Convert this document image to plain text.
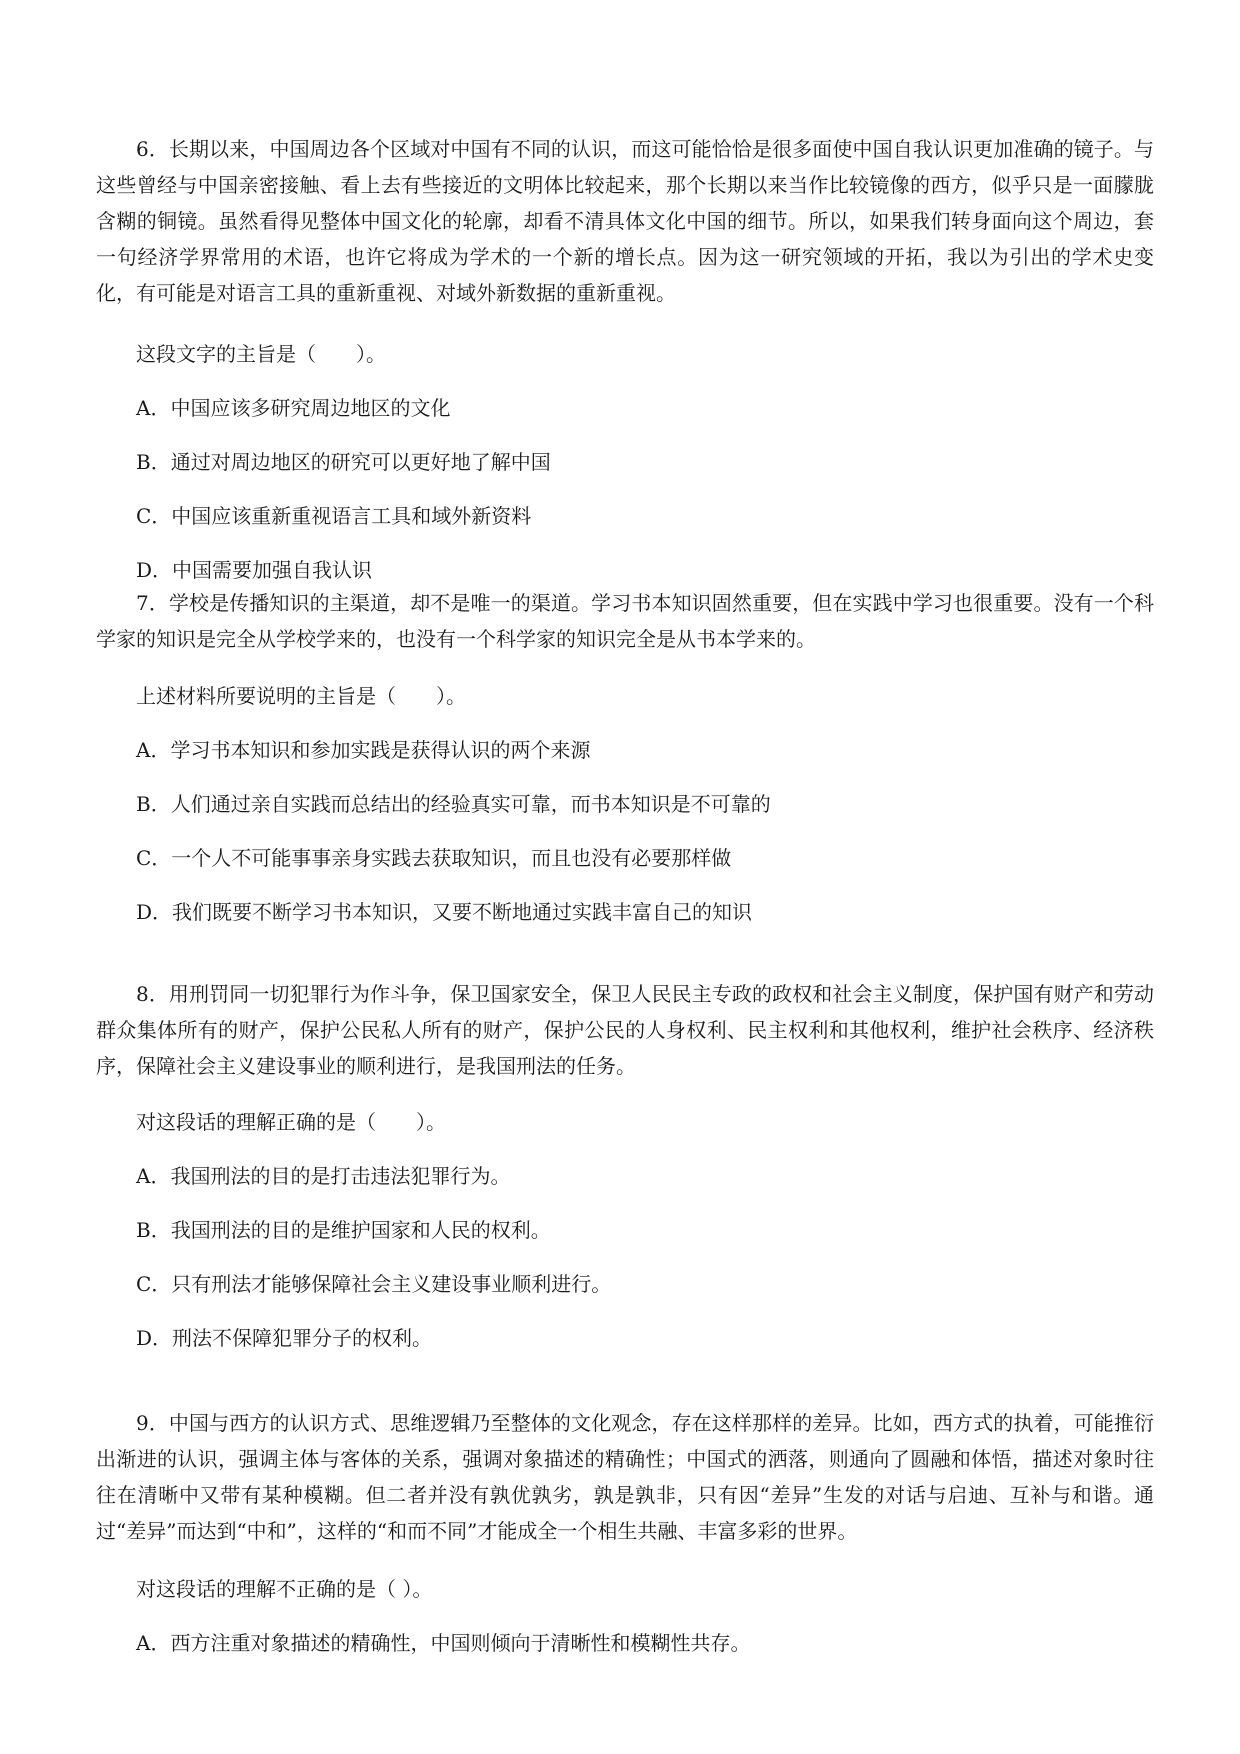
6．长期以来，中国周边各个区域对中国有不同的认识，而这可能恰恰是很多面使中国自我认识更加准确的镜子。与这些曾经与中国亲密接触、看上去有些接近的文明体比较起来，那个长期以来当作比较镜像的西方，似乎只是一面朦胧含糊的铜镜。虽然看得见整体中国文化的轮廓，却看不清具体文化中国的细节。所以，如果我们转身面向这个周边，套一句经济学界常用的术语，也许它将成为学术的一个新的增长点。因为这一研究领域的开拓，我以为引出的学术史变化，有可能是对语言工具的重新重视、对域外新数据的重新重视。

这段文字的主旨是（　　）。

A．中国应该多研究周边地区的文化
B．通过对周边地区的研究可以更好地了解中国
C．中国应该重新重视语言工具和域外新资料
D．中国需要加强自我认识

7．学校是传播知识的主渠道，却不是唯一的渠道。学习书本知识固然重要，但在实践中学习也很重要。没有一个科学家的知识是完全从学校学来的，也没有一个科学家的知识完全是从书本学来的。

上述材料所要说明的主旨是（　　）。

A．学习书本知识和参加实践是获得认识的两个来源
B．人们通过亲自实践而总结出的经验真实可靠，而书本知识是不可靠的
C．一个人不可能事事亲身实践去获取知识，而且也没有必要那样做
D．我们既要不断学习书本知识，又要不断地通过实践丰富自己的知识

8．用刑罚同一切犯罪行为作斗争，保卫国家安全，保卫人民民主专政的政权和社会主义制度，保护国有财产和劳动群众集体所有的财产，保护公民私人所有的财产，保护公民的人身权利、民主权利和其他权利，维护社会秩序、经济秩序，保障社会主义建设事业的顺利进行，是我国刑法的任务。

对这段话的理解正确的是（　　）。

A．我国刑法的目的是打击违法犯罪行为。
B．我国刑法的目的是维护国家和人民的权利。
C．只有刑法才能够保障社会主义建设事业顺利进行。
D．刑法不保障犯罪分子的权利。

9．中国与西方的认识方式、思维逻辑乃至整体的文化观念，存在这样那样的差异。比如，西方式的执着，可能推衍出渐进的认识，强调主体与客体的关系，强调对象描述的精确性；中国式的洒落，则通向了圆融和体悟，描述对象时往往在清晰中又带有某种模糊。但二者并没有孰优孰劣，孰是孰非，只有因“差异”生发的对话与启迪、互补与和谐。通过“差异”而达到“中和”，这样的“和而不同”才能成全一个相生共融、丰富多彩的世界。

对这段话的理解不正确的是（ ）。

A．西方注重对象描述的精确性，中国则倾向于清晰性和模糊性共存。
